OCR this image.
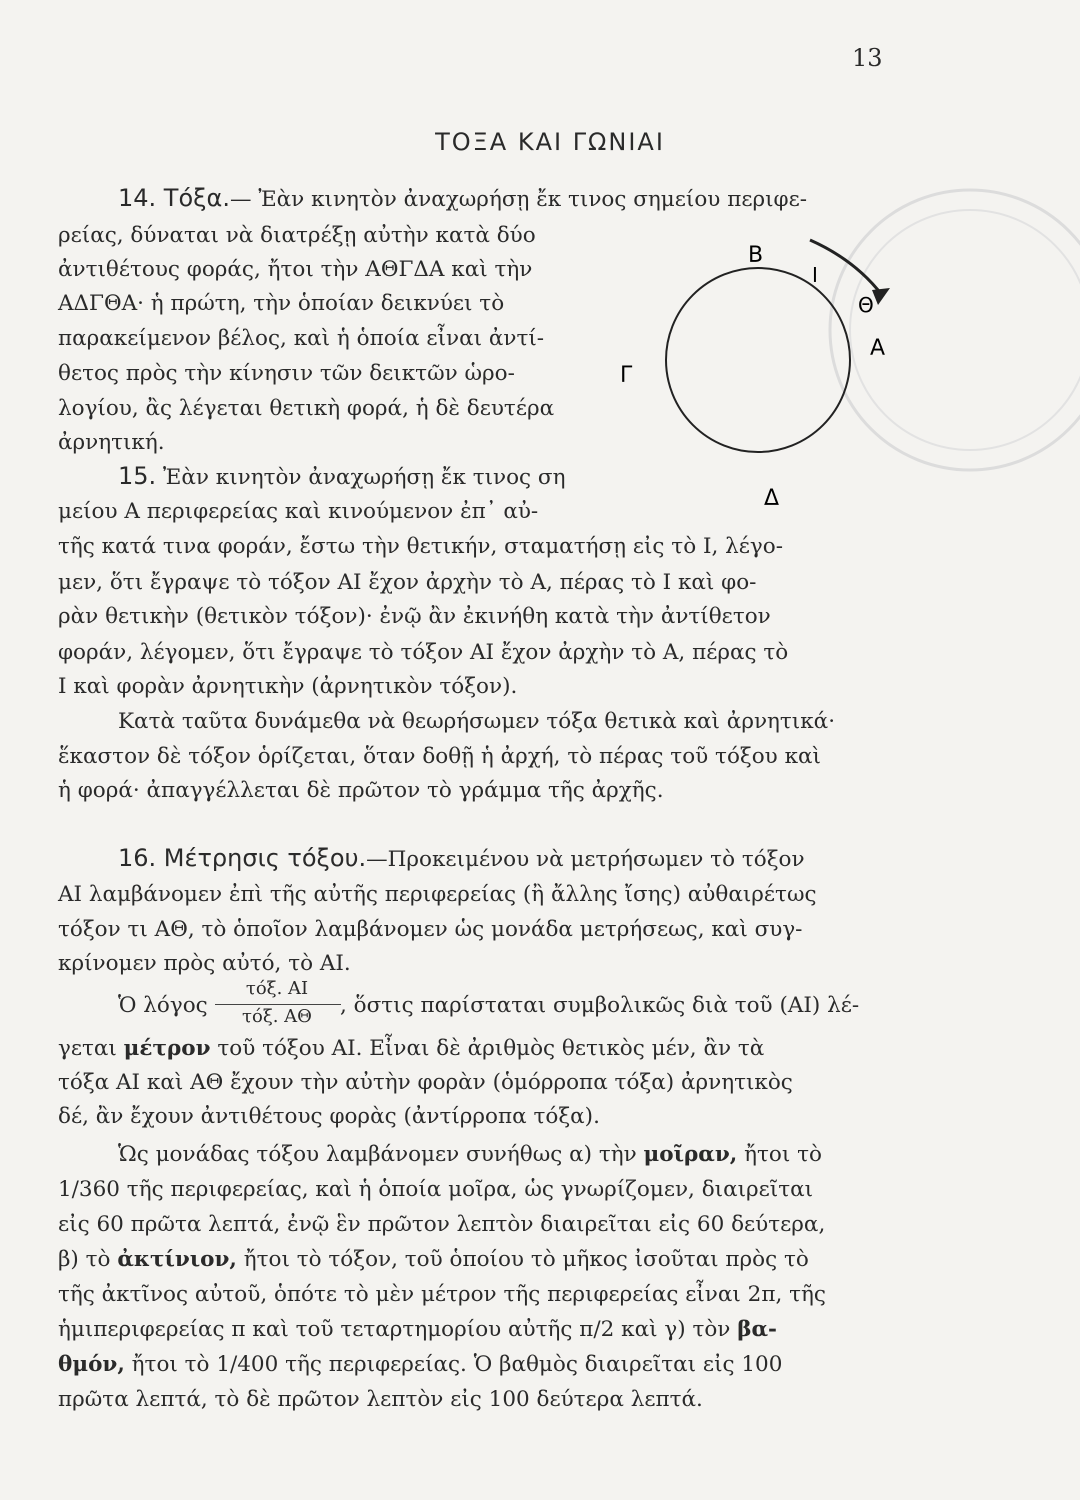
13
ΤΟΞΑ ΚΑΙ ΓΩΝΙΑΙ
14. Τόξα.— Ἐὰν κινητὸν ἀναχωρήσῃ ἔκ τινος σημείου περιφε-
ρείας, δύναται νὰ διατρέξῃ αὐτὴν κατὰ δύο
ἀντιθέτους φοράς, ἤτοι τὴν ΑΘΓΔΑ καὶ τὴν
ΑΔΓΘΑ· ἡ πρώτη, τὴν ὁποίαν δεικνύει τὸ
παρακείμενον βέλος, καὶ ἡ ὁποία εἶναι ἀντί-
θετος πρὸς τὴν κίνησιν τῶν δεικτῶν ὡρο-
λογίου, ἂς λέγεται θετικὴ φορά, ἡ δὲ δευτέρα
ἀρνητική.
Β
Ι
Θ
Α
Γ
Δ
15. Ἐὰν κινητὸν ἀναχωρήσῃ ἔκ τινος ση
μείου Α περιφερείας καὶ κινούμενον ἐπ᾽ αὐ-
τῆς κατά τινα φοράν, ἔστω τὴν θετικήν, σταματήσῃ εἰς τὸ Ι, λέγο-
μεν, ὅτι ἔγραψε τὸ τόξον ΑΙ ἔχον ἀρχὴν τὸ Α, πέρας τὸ Ι καὶ φο-
ρὰν θετικὴν (θετικὸν τόξον)· ἐνῷ ἂν ἐκινήθη κατὰ τὴν ἀντίθετον
φοράν, λέγομεν, ὅτι ἔγραψε τὸ τόξον ΑΙ ἔχον ἀρχὴν τὸ Α, πέρας τὸ
Ι καὶ φορὰν ἀρνητικὴν (ἀρνητικὸν τόξον).
Κατὰ ταῦτα δυνάμεθα νὰ θεωρήσωμεν τόξα θετικὰ καὶ ἀρνητικά·
ἕκαστον δὲ τόξον ὁρίζεται, ὅταν δοθῇ ἡ ἀρχή, τὸ πέρας τοῦ τόξου καὶ
ἡ φορά· ἀπαγγέλλεται δὲ πρῶτον τὸ γράμμα τῆς ἀρχῆς.
16. Μέτρησις τόξου.—Προκειμένου νὰ μετρήσωμεν τὸ τόξον
ΑΙ λαμβάνομεν ἐπὶ τῆς αὐτῆς περιφερείας (ἢ ἄλλης ἴσης) αὐθαιρέτως
τόξον τι ΑΘ, τὸ ὁποῖον λαμβάνομεν ὡς μονάδα μετρήσεως, καὶ συγ-
κρίνομεν πρὸς αὐτό, τὸ ΑΙ.
Ὁ λόγος
τόξ. ΑΙ
τόξ. ΑΘ	, ὅστις παρίσταται συμβολικῶς διὰ τοῦ (ΑΙ) λέ-
γεται μέτρον τοῦ τόξου ΑΙ. Εἶναι δὲ ἀριθμὸς θετικὸς μέν, ἂν τὰ
τόξα ΑΙ καὶ ΑΘ ἔχουν τὴν αὐτὴν φορὰν (ὁμόρροπα τόξα) ἀρνητικὸς
δέ, ἂν ἔχουν ἀντιθέτους φορὰς (ἀντίρροπα τόξα).
Ὡς μονάδας τόξου λαμβάνομεν συνήθως α) τὴν μοῖραν, ἤτοι τὸ
1/360 τῆς περιφερείας, καὶ ἡ ὁποία μοῖρα, ὡς γνωρίζομεν, διαιρεῖται
εἰς 60 πρῶτα λεπτά, ἐνῷ ἓν πρῶτον λεπτὸν διαιρεῖται εἰς 60 δεύτερα,
β) τὸ ἀκτίνιον, ἤτοι τὸ τόξον, τοῦ ὁποίου τὸ μῆκος ἰσοῦται πρὸς τὸ
τῆς ἀκτῖνος αὐτοῦ, ὁπότε τὸ μὲν μέτρον τῆς περιφερείας εἶναι 2π, τῆς
ἡμιπεριφερείας π καὶ τοῦ τεταρτημορίου αὐτῆς π/2 καὶ γ) τὸν βα-
θμόν, ἤτοι τὸ 1/400 τῆς περιφερείας. Ὁ βαθμὸς διαιρεῖται εἰς 100
πρῶτα λεπτά, τὸ δὲ πρῶτον λεπτὸν εἰς 100 δεύτερα λεπτά.
